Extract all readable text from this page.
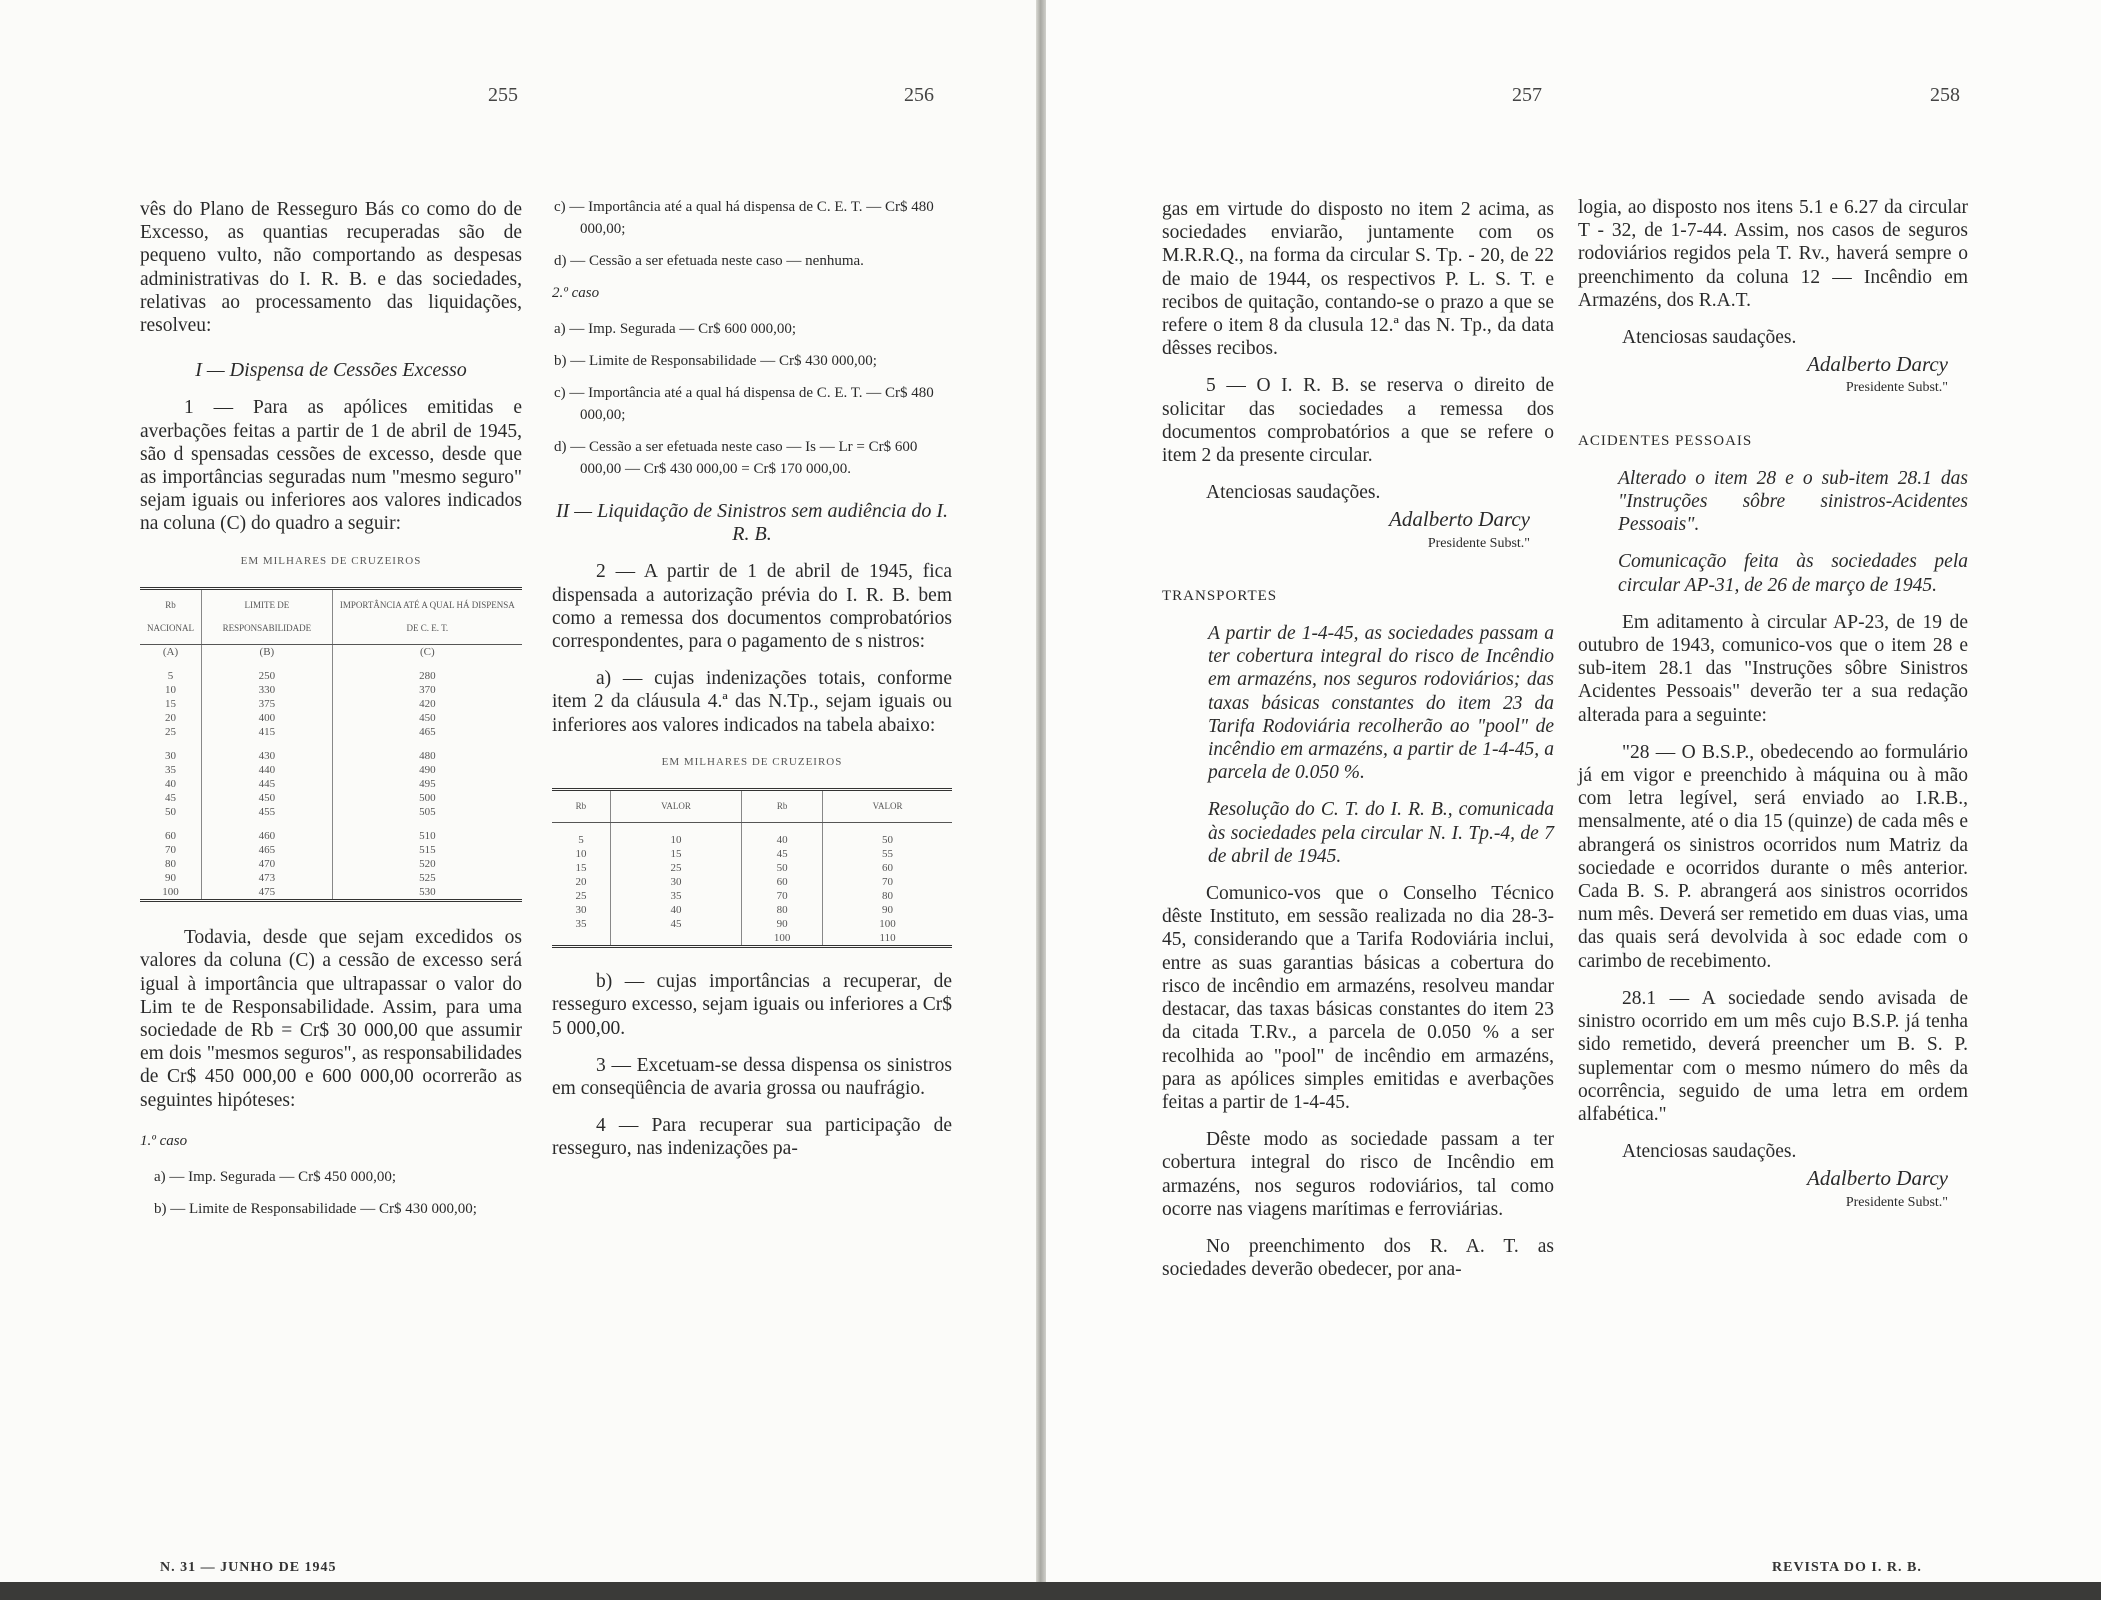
255	256	257	258

vês do Plano de Resseguro Bás co como do de Excesso, as quantias recuperadas são de pequeno vulto, não comportando as despesas administrativas do I. R. B. e das sociedades, relativas ao processamento das liquidações, resolveu:

I — Dispensa de Cessões Excesso

1 — Para as apólices emitidas e averbações feitas a partir de 1 de abril de 1945, são d spensadas cessões de excesso, desde que as importâncias seguradas num "mesmo seguro" sejam iguais ou inferiores aos valores indicados na coluna (C) do quadro a seguir:

EM MILHARES DE CRUZEIROS
Rb NACIONAL	LIMITE DE RESPONSABILIDADE	IMPORTÂNCIA ATÉ A QUAL HÁ DISPENSA DE C. E. T.
(A)	(B)	(C)

5	250	280
10	330	370
15	375	420
20	400	450
25	415	465

30	430	480
35	440	490
40	445	495
45	450	500
50	455	505

60	460	510
70	465	515
80	470	520
90	473	525
100	475	530

Todavia, desde que sejam excedidos os valores da coluna (C) a cessão de excesso será igual à importância que ultrapassar o valor do Lim te de Responsabilidade. Assim, para uma sociedade de Rb = Cr$ 30 000,00 que assumir em dois "mesmos seguros", as responsabilidades de Cr$ 450 000,00 e 600 000,00 ocorrerão as seguintes hipóteses:

1.º caso

a) — Imp. Segurada — Cr$ 450 000,00;

b) — Limite de Responsabilidade — Cr$ 430 000,00;

c) — Importância até a qual há dispensa de C. E. T. — Cr$ 480 000,00;

d) — Cessão a ser efetuada neste caso — nenhuma.

2.º caso

a) — Imp. Segurada — Cr$ 600 000,00;

b) — Limite de Responsabilidade — Cr$ 430 000,00;

c) — Importância até a qual há dispensa de C. E. T. — Cr$ 480 000,00;

d) — Cessão a ser efetuada neste caso — Is — Lr = Cr$ 600 000,00 — Cr$ 430 000,00 = Cr$ 170 000,00.

II — Liquidação de Sinistros sem audiência do I. R. B.

2 — A partir de 1 de abril de 1945, fica dispensada a autorização prévia do I. R. B. bem como a remessa dos documentos comprobatórios correspondentes, para o pagamento de s nistros:

a) — cujas indenizações totais, conforme item 2 da cláusula 4.ª das N.Tp., sejam iguais ou inferiores aos valores indicados na tabela abaixo:

EM MILHARES DE CRUZEIROS
Rb	VALOR	Rb	VALOR

5	10	40	50
10	15	45	55
15	25	50	60
20	30	60	70
25	35	70	80
30	40	80	90
35	45	90	100
		100	110

b) — cujas importâncias a recuperar, de resseguro excesso, sejam iguais ou inferiores a Cr$ 5 000,00.

3 — Excetuam-se dessa dispensa os sinistros em conseqüência de avaria grossa ou naufrágio.

4 — Para recuperar sua participação de resseguro, nas indenizações pa-

gas em virtude do disposto no item 2 acima, as sociedades enviarão, juntamente com os M.R.R.Q., na forma da circular S. Tp. - 20, de 22 de maio de 1944, os respectivos P. L. S. T. e recibos de quitação, contando-se o prazo a que se refere o item 8 da clusula 12.ª das N. Tp., da data dêsses recibos.

5 — O I. R. B. se reserva o direito de solicitar das sociedades a remessa dos documentos comprobatórios a que se refere o item 2 da presente circular.

Atenciosas saudações.

Adalberto Darcy
Presidente Subst."

TRANSPORTES

A partir de 1-4-45, as sociedades passam a ter cobertura integral do risco de Incêndio em armazéns, nos seguros rodoviários; das taxas básicas constantes do item 23 da Tarifa Rodoviária recolherão ao "pool" de incêndio em armazéns, a partir de 1-4-45, a parcela de 0.050 %.

Resolução do C. T. do I. R. B., comunicada às sociedades pela circular N. I. Tp.-4, de 7 de abril de 1945.

Comunico-vos que o Conselho Técnico dêste Instituto, em sessão realizada no dia 28-3-45, considerando que a Tarifa Rodoviária inclui, entre as suas garantias básicas a cobertura do risco de incêndio em armazéns, resolveu mandar destacar, das taxas básicas constantes do item 23 da citada T.Rv., a parcela de 0.050 % a ser recolhida ao "pool" de incêndio em armazéns, para as apólices simples emitidas e averbações feitas a partir de 1-4-45.

Dêste modo as sociedade passam a ter cobertura integral do risco de Incêndio em armazéns, nos seguros rodoviários, tal como ocorre nas viagens marítimas e ferroviárias.

No preenchimento dos R. A. T. as sociedades deverão obedecer, por ana-

logia, ao disposto nos itens 5.1 e 6.27 da circular T - 32, de 1-7-44. Assim, nos casos de seguros rodoviários regidos pela T. Rv., haverá sempre o preenchimento da coluna 12 — Incêndio em Armazéns, dos R.A.T.

Atenciosas saudações.

Adalberto Darcy
Presidente Subst."

ACIDENTES PESSOAIS

Alterado o item 28 e o sub-item 28.1 das "Instruções sôbre sinistros-Acidentes Pessoais".

Comunicação feita às sociedades pela circular AP-31, de 26 de março de 1945.

Em aditamento à circular AP-23, de 19 de outubro de 1943, comunico-vos que o item 28 e sub-item 28.1 das "Instruções sôbre Sinistros Acidentes Pessoais" deverão ter a sua redação alterada para a seguinte:

"28 — O B.S.P., obedecendo ao formulário já em vigor e preenchido à máquina ou à mão com letra legível, será enviado ao I.R.B., mensalmente, até o dia 15 (quinze) de cada mês e abrangerá os sinistros ocorridos num Matriz da sociedade e ocorridos durante o mês anterior. Cada B. S. P. abrangerá aos sinistros ocorridos num mês. Deverá ser remetido em duas vias, uma das quais será devolvida à soc edade com o carimbo de recebimento.

28.1 — A sociedade sendo avisada de sinistro ocorrido em um mês cujo B.S.P. já tenha sido remetido, deverá preencher um B. S. P. suplementar com o mesmo número do mês da ocorrência, seguido de uma letra em ordem alfabética."

Atenciosas saudações.

Adalberto Darcy
Presidente Subst."
N. 31 — JUNHO DE 1945	REVISTA DO I. R. B.
